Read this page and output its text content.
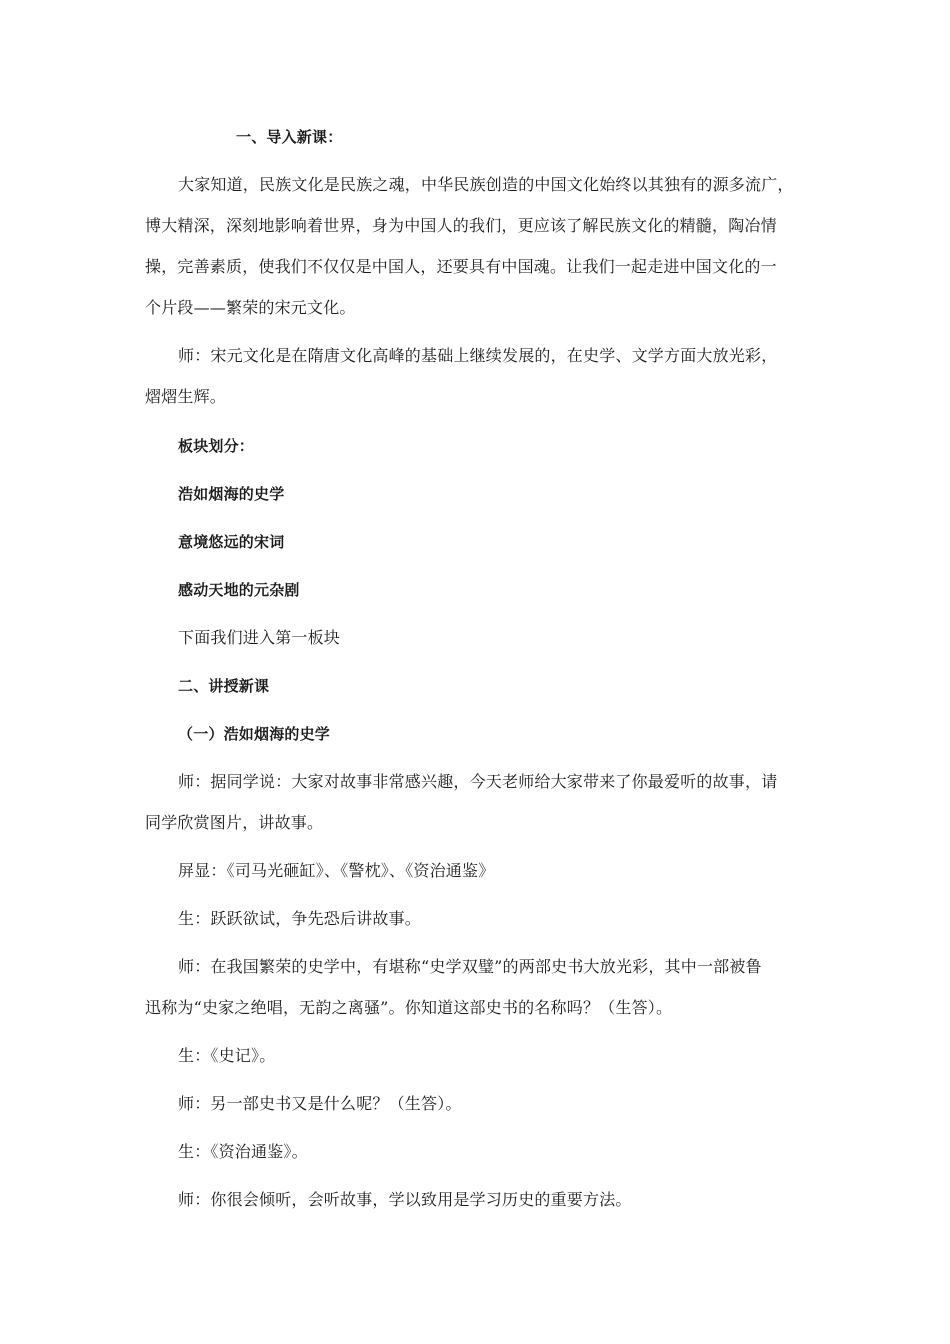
一、导入新课：
大家知道，民族文化是民族之魂，中华民族创造的中国文化始终以其独有的源多流广，
博大精深，深刻地影响着世界，身为中国人的我们，更应该了解民族文化的精髓，陶冶情
操，完善素质，使我们不仅仅是中国人，还要具有中国魂。让我们一起走进中国文化的一
个片段——繁荣的宋元文化。
师：宋元文化是在隋唐文化高峰的基础上继续发展的，在史学、文学方面大放光彩，
熠熠生辉。
板块划分：
浩如烟海的史学
意境悠远的宋词
感动天地的元杂剧
下面我们进入第一板块
二、讲授新课
（一）浩如烟海的史学
师：据同学说：大家对故事非常感兴趣，今天老师给大家带来了你最爱听的故事，请
同学欣赏图片，讲故事。
屏显：《司马光砸缸》、《警枕》、《资治通鉴》
生：跃跃欲试，争先恐后讲故事。
师：在我国繁荣的史学中，有堪称“史学双璧”的两部史书大放光彩，其中一部被鲁
迅称为“史家之绝唱，无韵之离骚”。你知道这部史书的名称吗？（生答）。
生：《史记》。
师：另一部史书又是什么呢？（生答）。
生：《资治通鉴》。
师：你很会倾听，会听故事，学以致用是学习历史的重要方法。
